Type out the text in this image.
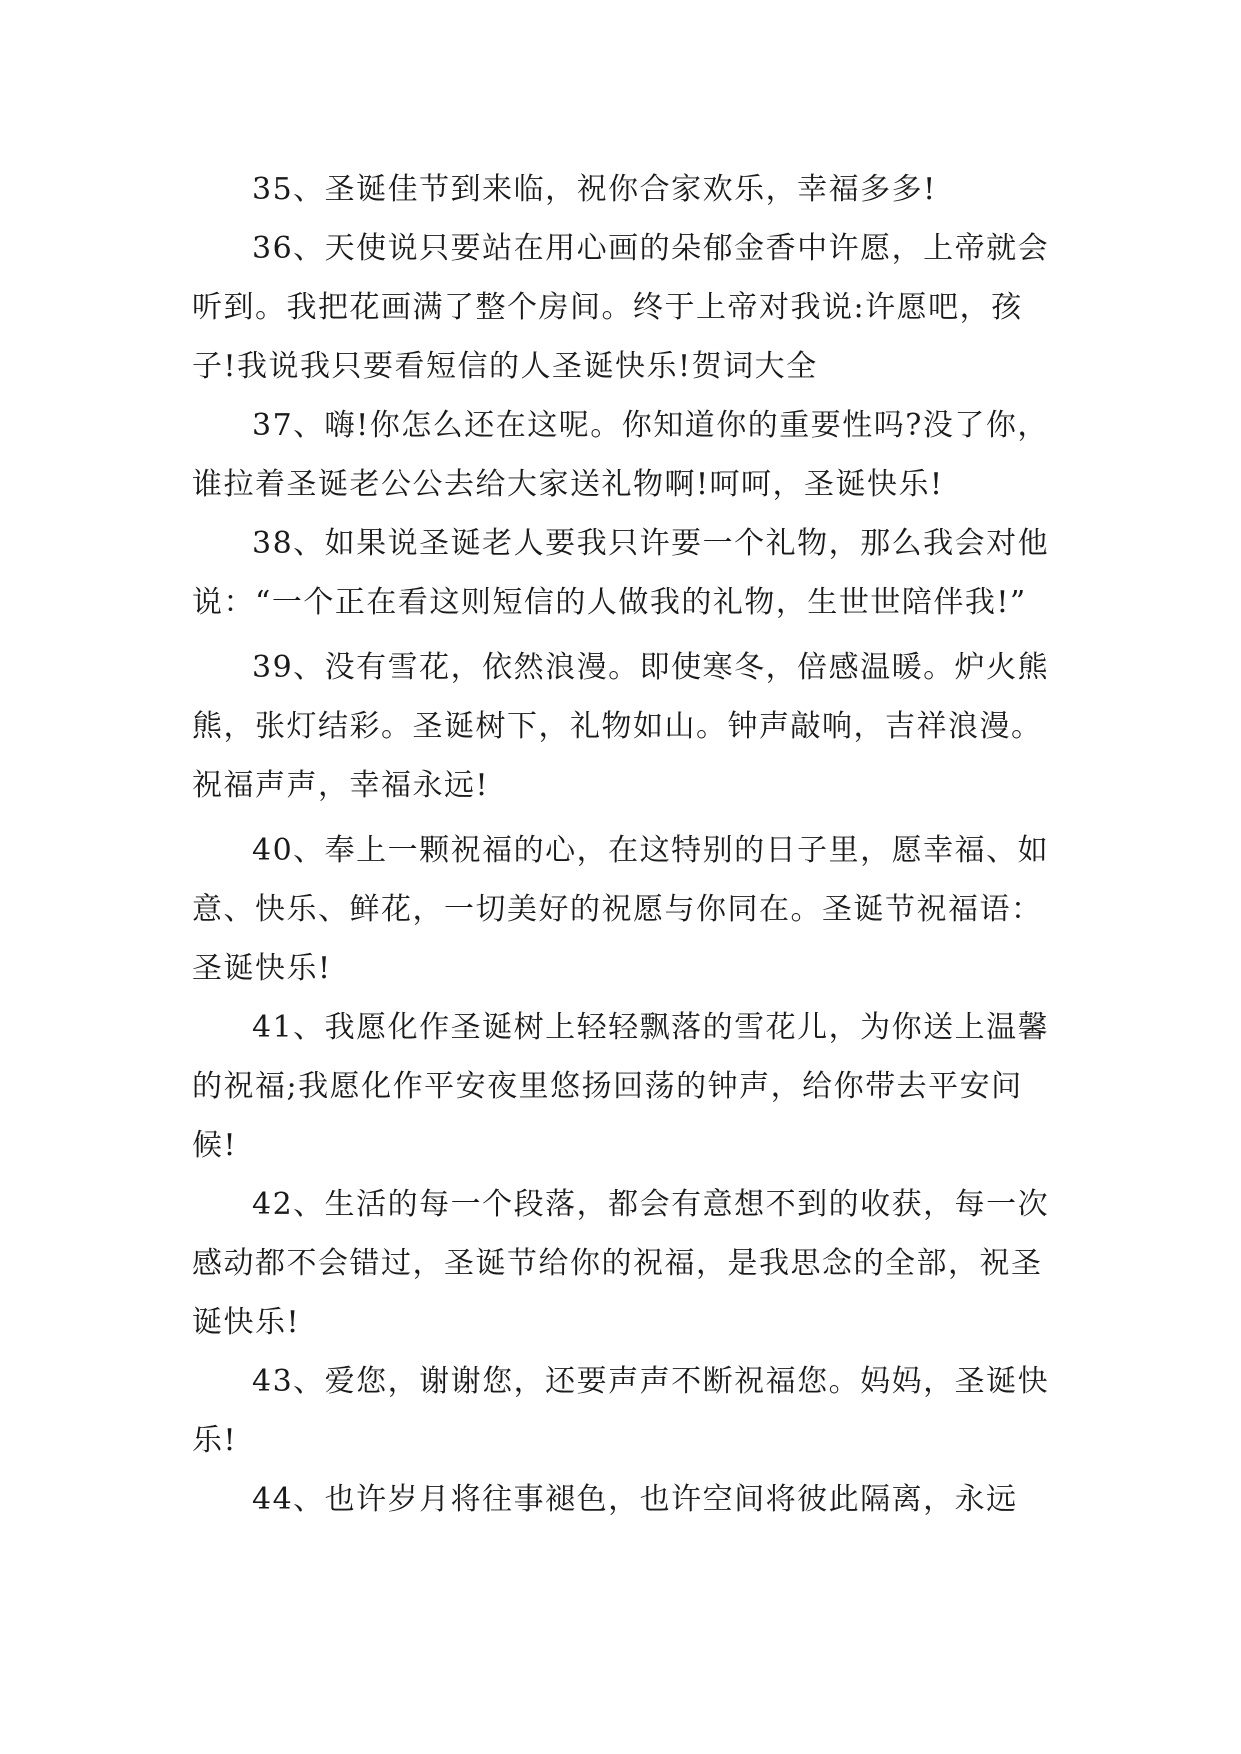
35、圣诞佳节到来临，祝你合家欢乐，幸福多多!

36、天使说只要站在用心画的朵郁金香中许愿，上帝就会听到。我把花画满了整个房间。终于上帝对我说:许愿吧，孩子!我说我只要看短信的人圣诞快乐!贺词大全

37、嗨!你怎么还在这呢。你知道你的重要性吗?没了你，谁拉着圣诞老公公去给大家送礼物啊!呵呵，圣诞快乐!

38、如果说圣诞老人要我只许要一个礼物，那么我会对他说：“一个正在看这则短信的人做我的礼物，生世世陪伴我!”

39、没有雪花，依然浪漫。即使寒冬，倍感温暖。炉火熊熊，张灯结彩。圣诞树下，礼物如山。钟声敲响，吉祥浪漫。祝福声声，幸福永远!

40、奉上一颗祝福的心，在这特别的日子里，愿幸福、如意、快乐、鲜花，一切美好的祝愿与你同在。圣诞节祝福语：圣诞快乐!

41、我愿化作圣诞树上轻轻飘落的雪花儿，为你送上温馨的祝福;我愿化作平安夜里悠扬回荡的钟声，给你带去平安问候!

42、生活的每一个段落，都会有意想不到的收获，每一次感动都不会错过，圣诞节给你的祝福，是我思念的全部，祝圣诞快乐!

43、爱您，谢谢您，还要声声不断祝福您。妈妈，圣诞快乐!

44、也许岁月将往事褪色，也许空间将彼此隔离，永远
